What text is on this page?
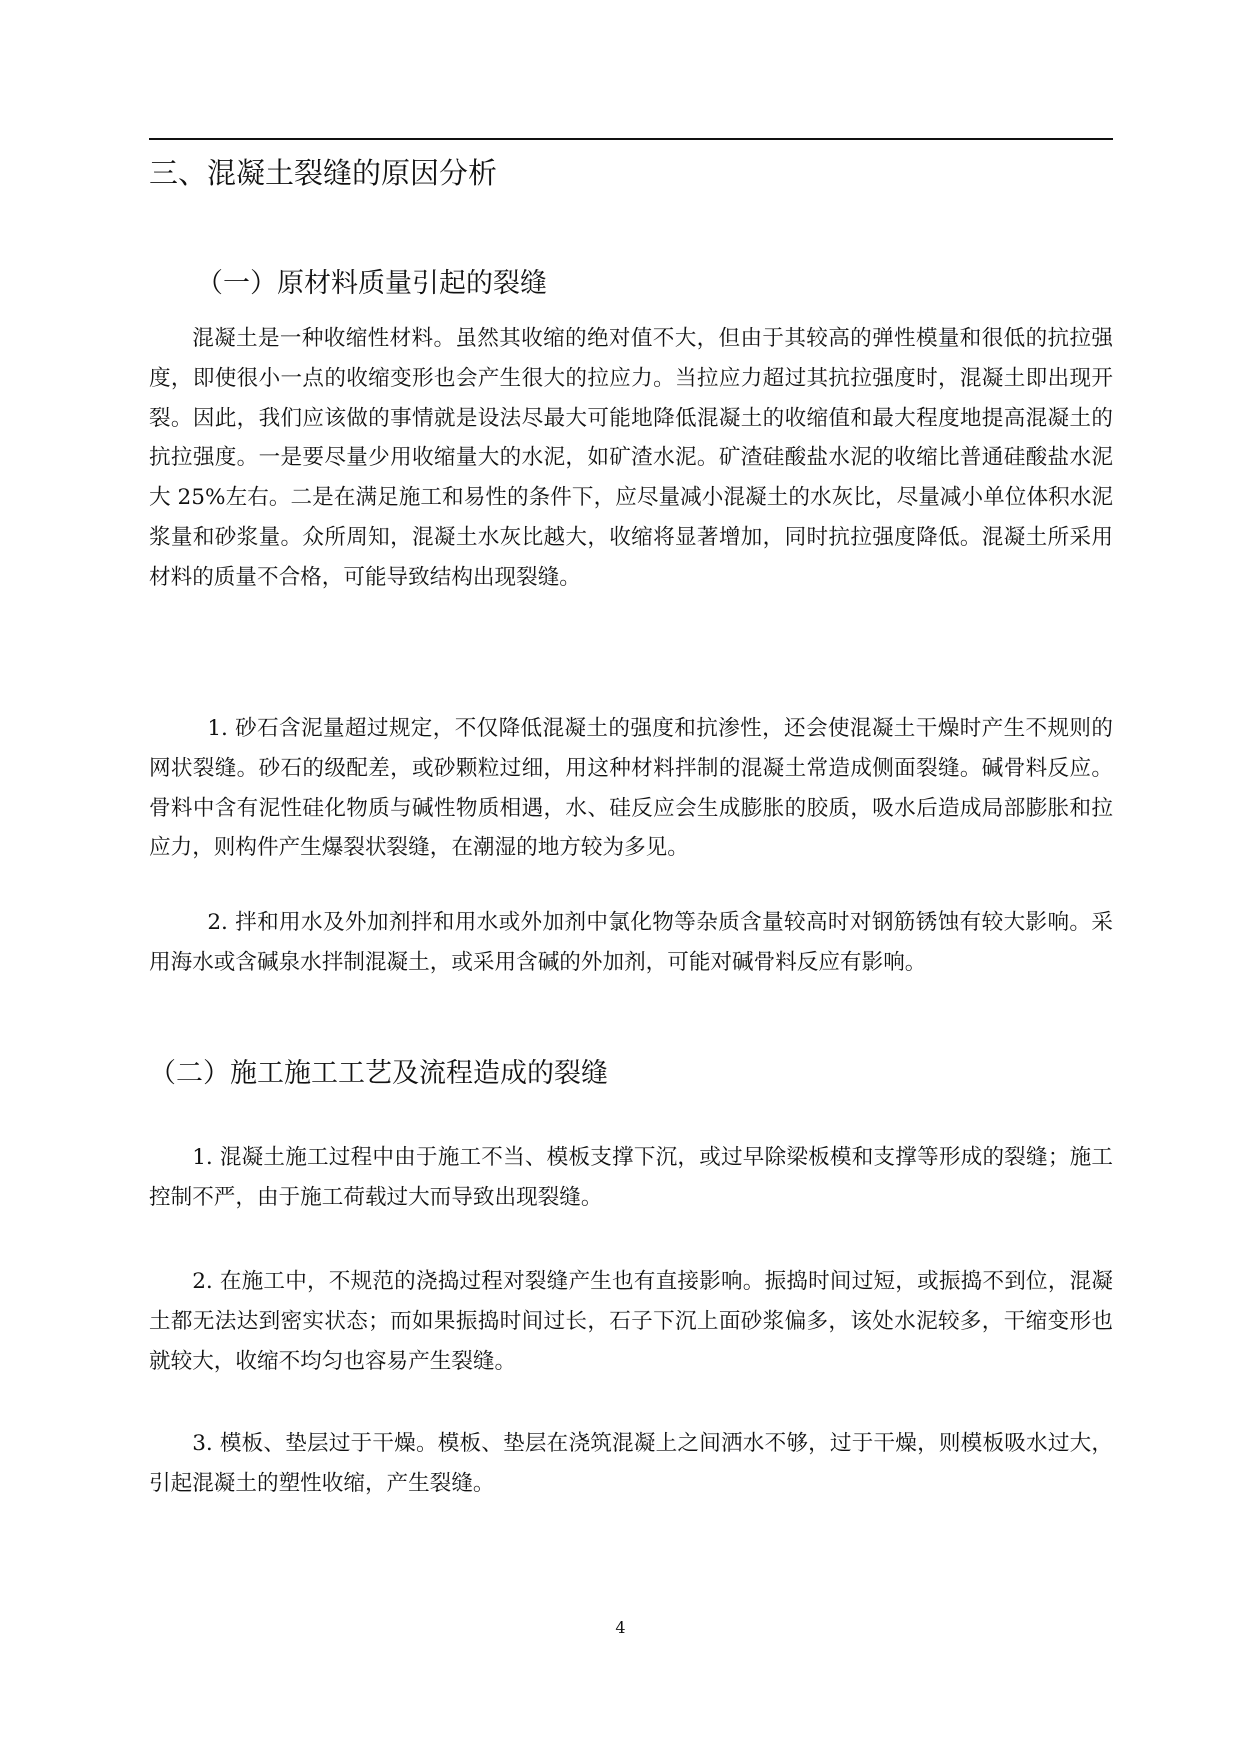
三、混凝土裂缝的原因分析
（一）原材料质量引起的裂缝

混凝土是一种收缩性材料。虽然其收缩的绝对值不大，但由于其较高的弹性模量和很低的抗拉强度，即使很小一点的收缩变形也会产生很大的拉应力。当拉应力超过其抗拉强度时，混凝土即出现开裂。因此，我们应该做的事情就是设法尽最大可能地降低混凝土的收缩值和最大程度地提高混凝土的抗拉强度。一是要尽量少用收缩量大的水泥，如矿渣水泥。矿渣硅酸盐水泥的收缩比普通硅酸盐水泥大 25%左右。二是在满足施工和易性的条件下，应尽量减小混凝土的水灰比，尽量减小单位体积水泥浆量和砂浆量。众所周知，混凝土水灰比越大，收缩将显著增加，同时抗拉强度降低。混凝土所采用材料的质量不合格，可能导致结构出现裂缝。

1. 砂石含泥量超过规定，不仅降低混凝土的强度和抗渗性，还会使混凝土干燥时产生不规则的网状裂缝。砂石的级配差，或砂颗粒过细，用这种材料拌制的混凝土常造成侧面裂缝。碱骨料反应。骨料中含有泥性硅化物质与碱性物质相遇，水、硅反应会生成膨胀的胶质，吸水后造成局部膨胀和拉应力，则构件产生爆裂状裂缝，在潮湿的地方较为多见。

2. 拌和用水及外加剂拌和用水或外加剂中氯化物等杂质含量较高时对钢筋锈蚀有较大影响。采用海水或含碱泉水拌制混凝土，或采用含碱的外加剂，可能对碱骨料反应有影响。

（二）施工施工工艺及流程造成的裂缝

1. 混凝土施工过程中由于施工不当、模板支撑下沉，或过早除梁板模和支撑等形成的裂缝；施工控制不严，由于施工荷载过大而导致出现裂缝。

2. 在施工中，不规范的浇捣过程对裂缝产生也有直接影响。振捣时间过短，或振捣不到位，混凝土都无法达到密实状态；而如果振捣时间过长，石子下沉上面砂浆偏多，该处水泥较多，干缩变形也就较大，收缩不均匀也容易产生裂缝。

3. 模板、垫层过于干燥。模板、垫层在浇筑混凝上之间洒水不够，过于干燥，则模板吸水过大，引起混凝土的塑性收缩，产生裂缝。

4
